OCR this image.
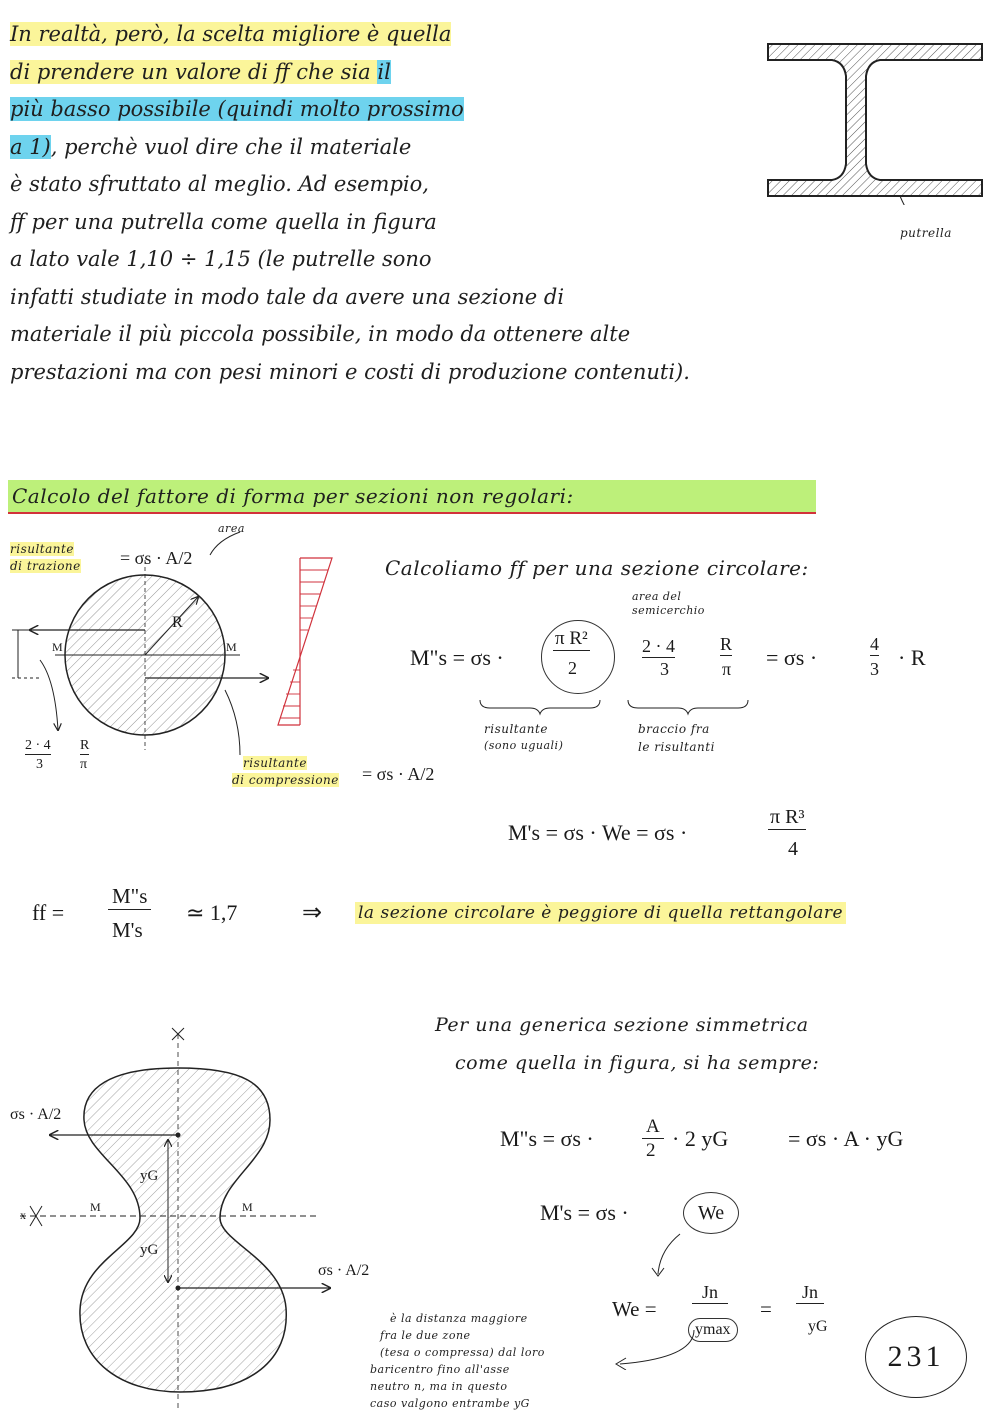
In realtà, però, la scelta migliore è quella
di prendere un valore di ff che sia il
più basso possibile (quindi molto prossimo
a 1), perchè vuol dire che il materiale
è stato sfruttato al meglio. Ad esempio,
ff per una putrella come quella in figura
a lato vale 1,10 ÷ 1,15 (le putrelle sono
infatti studiate in modo tale da avere una sezione di
materiale il più piccola possibile, in modo da ottenere alte
prestazioni ma con pesi minori e costi di produzione contenuti).
putrella
Calcolo del fattore di forma per sezioni non regolari:
area
risultante
di trazione = σs · A/2
R
M	M
2 · 4
3
R
π	risultante
di compressione = σs · A/2
Calcoliamo ff per una sezione circolare:
area del
semicerchio
M"s = σs ·
π R²
2
2 · 4
3
R
π = σs ·
4
3 · R
risultante
(sono uguali)
braccio fra
le risultanti
M's = σs · We = σs ·
π R³
4
ff =
M"s
M's
≃ 1,7	⇒ la sezione circolare è peggiore di quella rettangolare
σs · A/2
σs · A/2
yG
yG
M	M
x
Per una generica sezione simmetrica
come quella in figura, si ha sempre:
M"s = σs ·	A
2 · 2 yG	= σs · A · yG
M's = σs ·	We
We =
Jn
ymax
=
Jn
yG
è la distanza maggiore
fra le due zone
(tesa o compressa) dal loro
baricentro fino all'asse
neutro n, ma in questo
caso valgono entrambe yG
231
